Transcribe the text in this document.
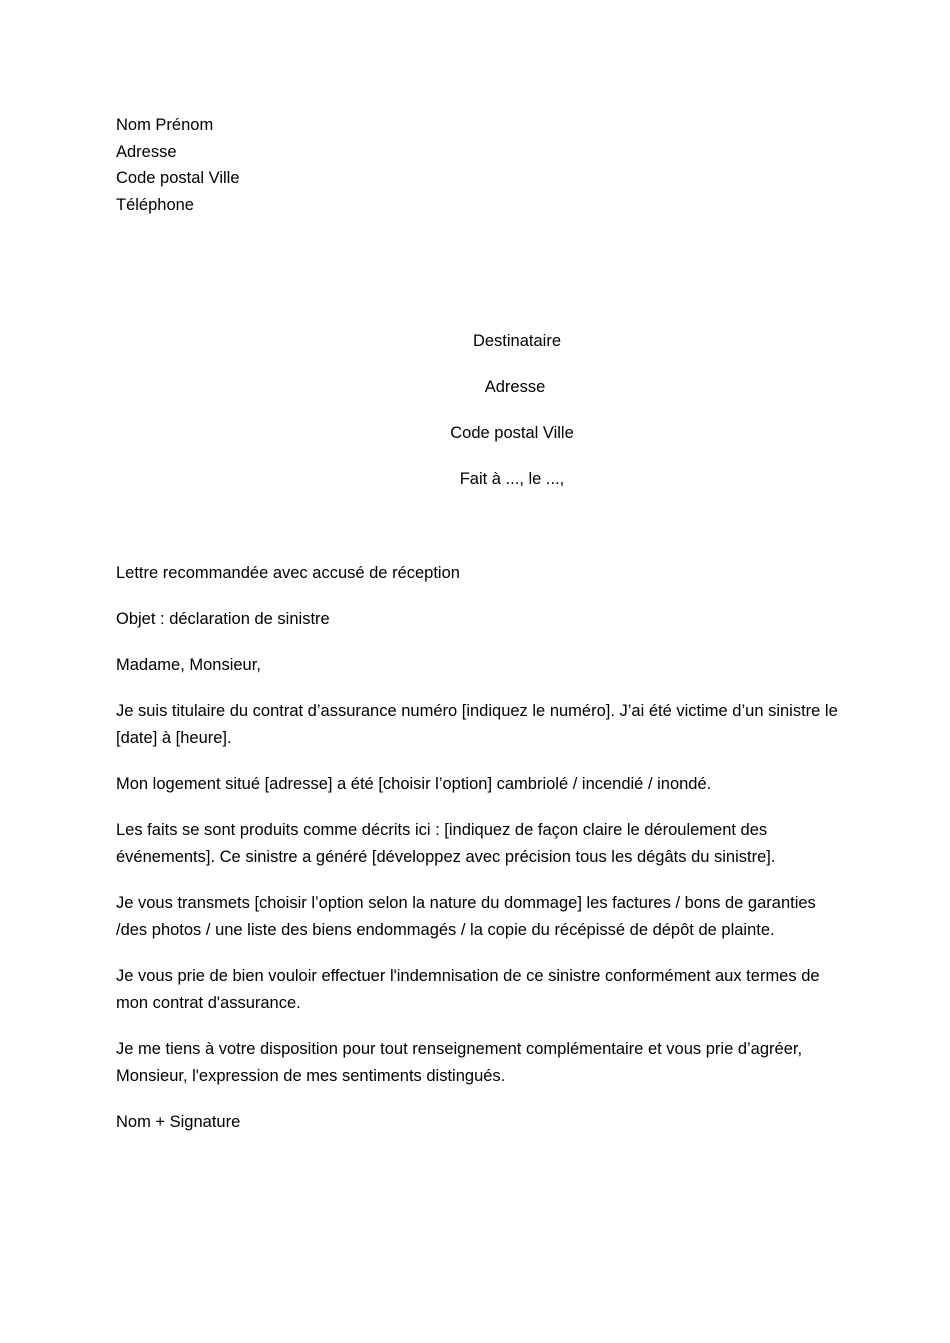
Nom Prénom
Adresse
Code postal Ville
Téléphone
Destinataire
Adresse
Code postal Ville
Fait à ..., le ...,

Lettre recommandée avec accusé de réception

Objet : déclaration de sinistre

Madame, Monsieur,

Je suis titulaire du contrat d’assurance numéro [indiquez le numéro]. J’ai été victime d’un sinistre le [date] à [heure].

Mon logement situé [adresse] a été [choisir l’option] cambriolé / incendié / inondé.

Les faits se sont produits comme décrits ici : [indiquez de façon claire le déroulement des événements]. Ce sinistre a généré [développez avec précision tous les dégâts du sinistre].

Je vous transmets [choisir l’option selon la nature du dommage] les factures / bons de garanties /des photos / une liste des biens endommagés / la copie du récépissé de dépôt de plainte.

Je vous prie de bien vouloir effectuer l'indemnisation de ce sinistre conformément aux termes de mon contrat d'assurance.

Je me tiens à votre disposition pour tout renseignement complémentaire et vous prie d’agréer, Monsieur, l'expression de mes sentiments distingués.

Nom + Signature
